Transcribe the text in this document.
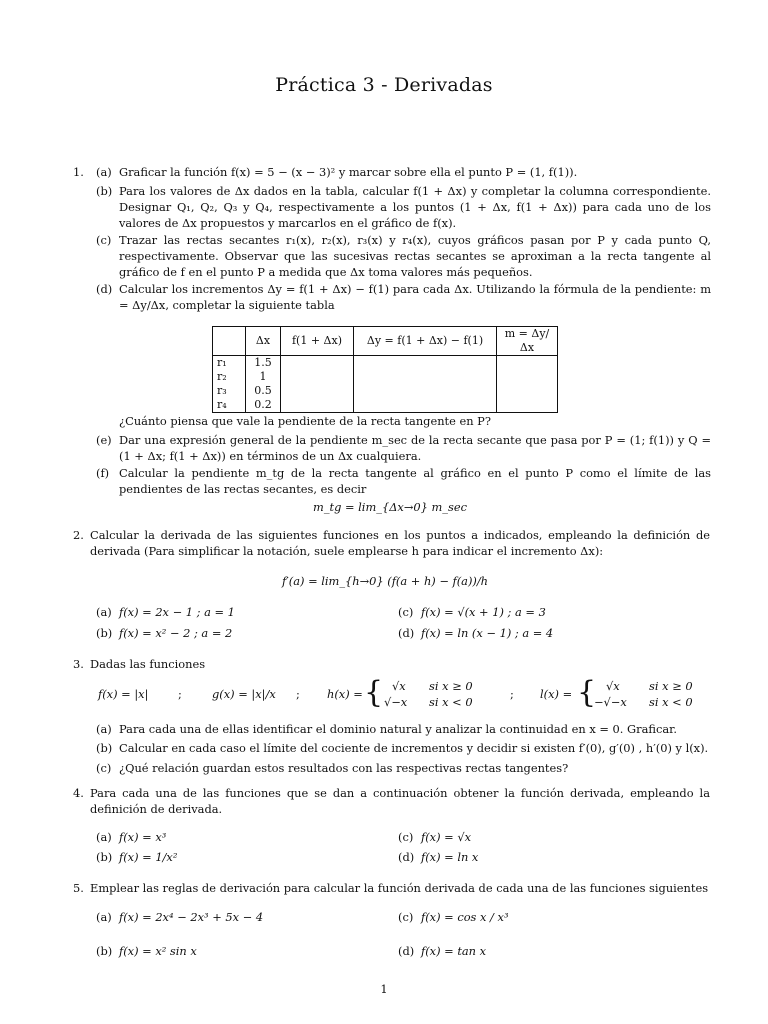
Práctica 3 - Derivadas
1. (a) Graficar la función f(x) = 5 − (x − 3)² y marcar sobre ella el punto P = (1, f(1)).
(b) Para los valores de Δx dados en la tabla, calcular f(1 + Δx) y completar la columna correspondiente. Designar Q₁, Q₂, Q₃ y Q₄, respectivamente a los puntos (1 + Δx, f(1 + Δx)) para cada uno de los valores de Δx propuestos y marcarlos en el gráfico de f(x).
(c) Trazar las rectas secantes r₁(x), r₂(x), r₃(x) y r₄(x), cuyos gráficos pasan por P y cada punto Q, respectivamente. Observar que las sucesivas rectas secantes se aproximan a la recta tangente al gráfico de f en el punto P a medida que Δx toma valores más pequeños.
(d) Calcular los incrementos Δy = f(1 + Δx) − f(1) para cada Δx. Utilizando la fórmula de la pendiente: m = Δy/Δx, completar la siguiente tabla
	Δx	f(1 + Δx)	Δy = f(1 + Δx) − f(1)	m = Δy/Δx
r₁	1.5			
r₂	1			
r₃	0.5			
r₄	0.2			
¿Cuánto piensa que vale la pendiente de la recta tangente en P?
(e) Dar una expresión general de la pendiente m_sec de la recta secante que pasa por P = (1; f(1)) y Q = (1 + Δx; f(1 + Δx)) en términos de un Δx cualquiera.
(f) Calcular la pendiente m_tg de la recta tangente al gráfico en el punto P como el límite de las pendientes de las rectas secantes, es decir
m_tg = lim_{Δx→0} m_sec
2. Calcular la derivada de las siguientes funciones en los puntos a indicados, empleando la definición de derivada (Para simplificar la notación, suele emplearse h para indicar el incremento Δx):
f′(a) = lim_{h→0} (f(a + h) − f(a))/h
(a) f(x) = 2x − 1 ; a = 1
(b) f(x) = x² − 2 ; a = 2
(c) f(x) = √(x + 1) ; a = 3
(d) f(x) = ln (x − 1) ; a = 4
3. Dadas las funciones
f(x) = |x|	;	g(x) = |x|/x ; h(x) = { √x si x ≥ 0
√−x si x < 0
; l(x) = { √x	si x ≥ 0
−√−x si x < 0
(a) Para cada una de ellas identificar el dominio natural y analizar la continuidad en x = 0. Graficar.
(b) Calcular en cada caso el límite del cociente de incrementos y decidir si existen f′(0), g′(0) , h′(0) y l(x).
(c) ¿Qué relación guardan estos resultados con las respectivas rectas tangentes?
4. Para cada una de las funciones que se dan a continuación obtener la función derivada, empleando la definición de derivada.
(a) f(x) = x³
(b) f(x) = 1/x²
(c) f(x) = √x
(d) f(x) = ln x
5. Emplear las reglas de derivación para calcular la función derivada de cada una de las funciones siguientes
(a) f(x) = 2x⁴ − 2x³ + 5x − 4
(b) f(x) = x² sin x
(c) f(x) = cos x / x³
(d) f(x) = tan x
1
